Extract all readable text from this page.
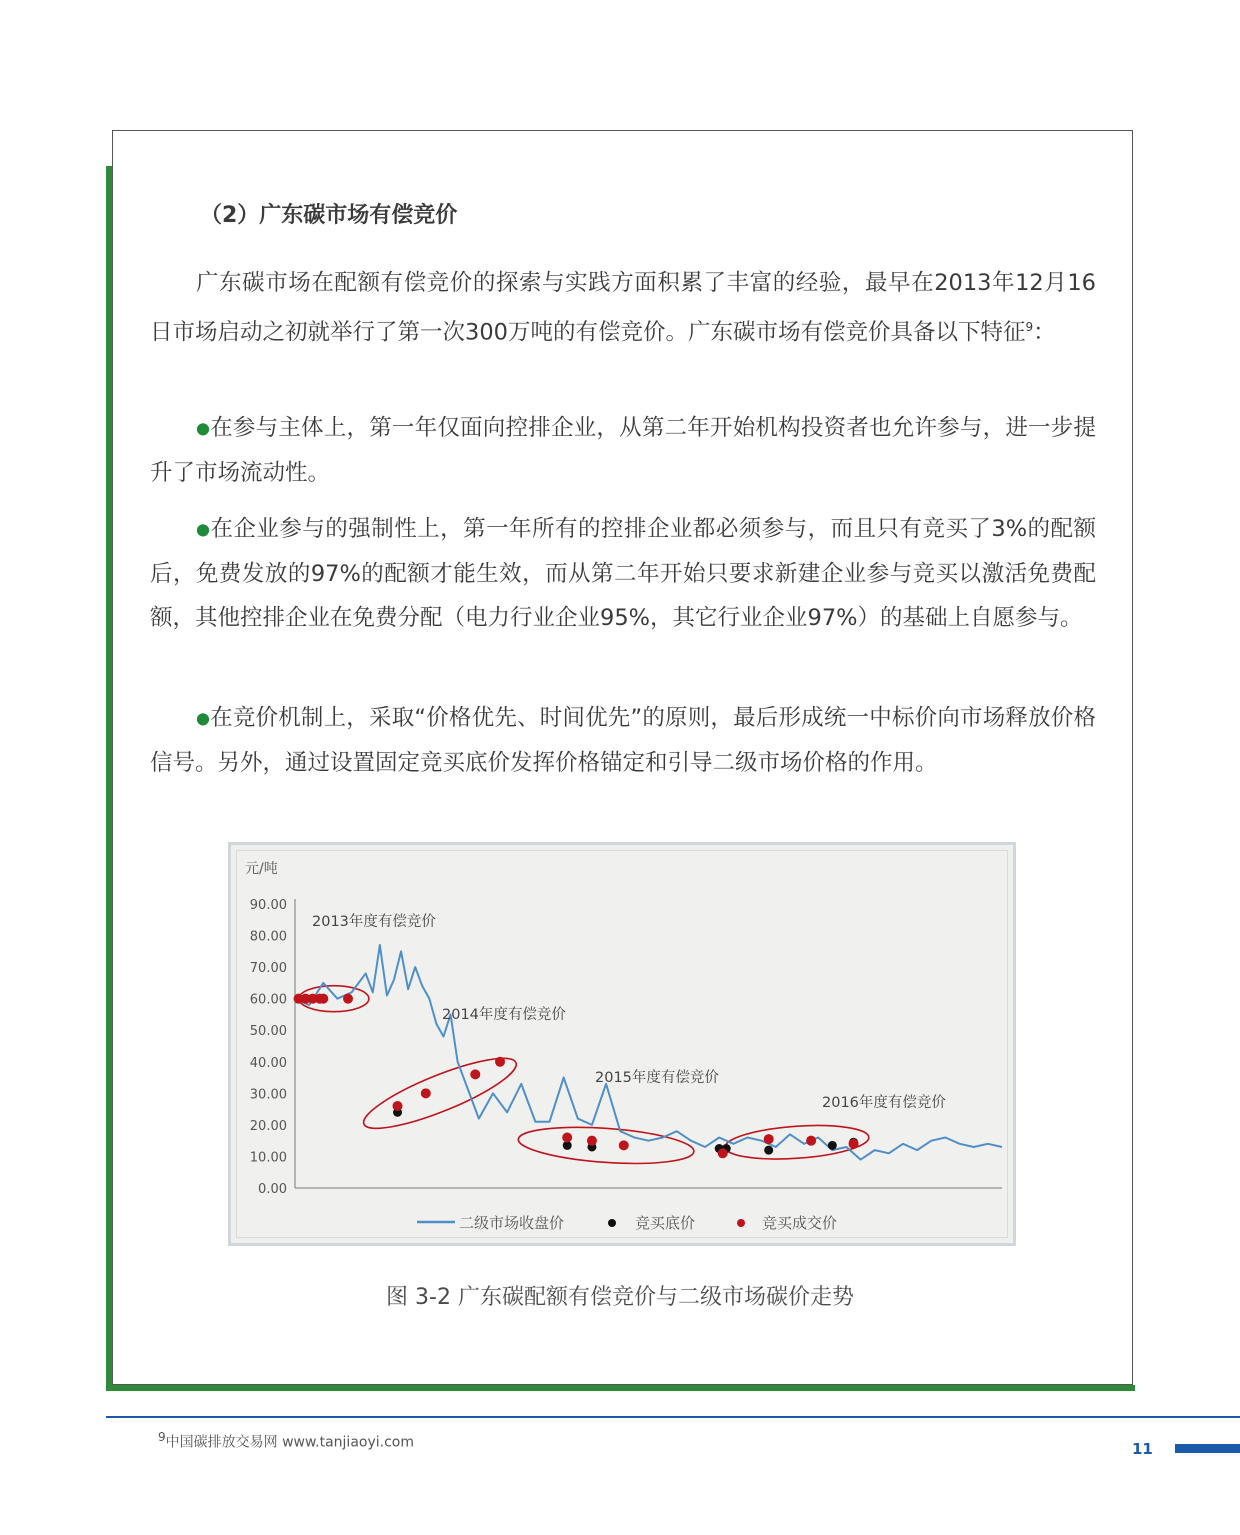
（2）广东碳市场有偿竞价

广东碳市场在配额有偿竞价的探索与实践方面积累了丰富的经验，最早在2013年12月16日市场启动之初就举行了第一次300万吨的有偿竞价。广东碳市场有偿竞价具备以下特征$^9$：

●在参与主体上，第一年仅面向控排企业，从第二年开始机构投资者也允许参与，进一步提升了市场流动性。

●在企业参与的强制性上，第一年所有的控排企业都必须参与，而且只有竞买了3%的配额后，免费发放的97%的配额才能生效，而从第二年开始只要求新建企业参与竞买以激活免费配额，其他控排企业在免费分配（电力行业企业95%，其它行业企业97%）的基础上自愿参与。

●在竞价机制上，采取“价格优先、时间优先”的原则，最后形成统一中标价向市场释放价格信号。另外，通过设置固定竞买底价发挥价格锚定和引导二级市场价格的作用。

元/吨
0.00
10.00
20.00
30.00
40.00
50.00
60.00
70.00
80.00
90.00
2013年度有偿竞价
2014年度有偿竞价
2015年度有偿竞价
2016年度有偿竞价
二级市场收盘价	竞买底价	竞买成交价
图 3-2 广东碳配额有偿竞价与二级市场碳价走势
$^9$中国碳排放交易网 www.tanjiaoyi.com	11
